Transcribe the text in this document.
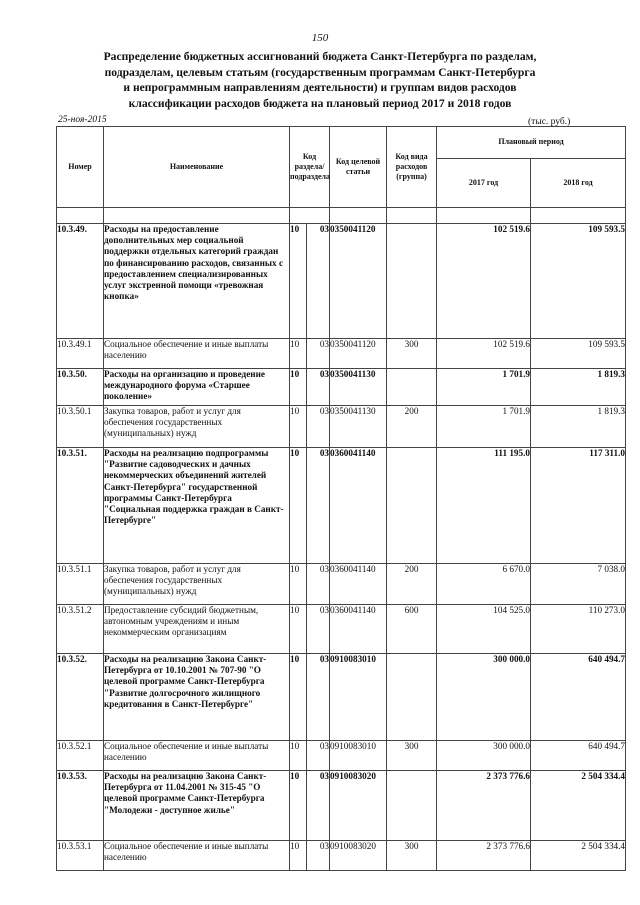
150
Распределение бюджетных ассигнований бюджета Санкт-Петербурга по разделам,
подразделам, целевым статьям (государственным программам Санкт-Петербурга
и непрограммным направлениям деятельности) и группам видов расходов
классификации расходов бюджета на плановый период 2017 и 2018 годов
25-ноя-2015	(тыс. руб.)
Номер	Наименование	Код раздела/ подраздела		Код целевой статьи	Код вида расходов (группа)	Плановый период	
						2017 год	2018 год

10.3.49.	Расходы на предоставление дополнительных мер социальной поддержки отдельных категорий граждан по финансированию расходов, связанных с предоставлением специализированных услуг экстренной помощи «тревожная кнопка»	10	03	0350041120		102 519.6	109 593.5
10.3.49.1	Социальное обеспечение и иные выплаты населению	10	03	0350041120	300	102 519.6	109 593.5
10.3.50.	Расходы на организацию и проведение международного форума «Старшее поколение»	10	03	0350041130		1 701.9	1 819.3
10.3.50.1	Закупка товаров, работ и услуг для обеспечения государственных (муниципальных) нужд	10	03	0350041130	200	1 701.9	1 819.3
10.3.51.	Расходы на реализацию подпрограммы "Развитие садоводческих и дачных некоммерческих объединений жителей Санкт-Петербурга" государственной программы Санкт-Петербурга "Социальная поддержка граждан в Санкт-Петербурге"	10	03	0360041140		111 195.0	117 311.0
10.3.51.1	Закупка товаров, работ и услуг для обеспечения государственных (муниципальных) нужд	10	03	0360041140	200	6 670.0	7 038.0
10.3.51.2	Предоставление субсидий бюджетным, автономным учреждениям и иным некоммерческим организациям	10	03	0360041140	600	104 525.0	110 273.0
10.3.52.	Расходы на реализацию Закона Санкт-Петербурга от 10.10.2001 № 707-90 "О целевой программе Санкт-Петербурга "Развитие долгосрочного жилищного кредитования в Санкт-Петербурге"	10	03	0910083010		300 000.0	640 494.7
10.3.52.1	Социальное обеспечение и иные выплаты населению	10	03	0910083010	300	300 000.0	640 494.7
10.3.53.	Расходы на реализацию Закона Санкт-Петербурга от 11.04.2001 № 315-45 "О целевой программе Санкт-Петербурга "Молодежи - доступное жилье"	10	03	0910083020		2 373 776.6	2 504 334.4
10.3.53.1	Социальное обеспечение и иные выплаты населению	10	03	0910083020	300	2 373 776.6	2 504 334.4
